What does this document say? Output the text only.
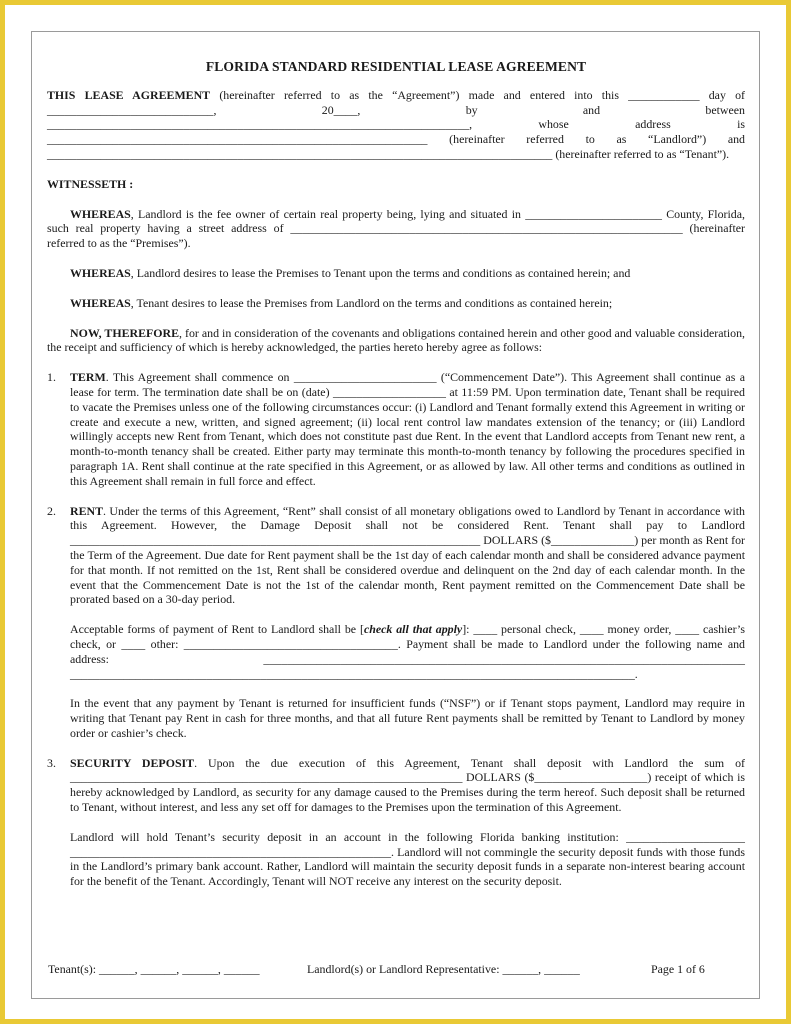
FLORIDA STANDARD RESIDENTIAL LEASE AGREEMENT

THIS LEASE AGREEMENT (hereinafter referred to as the “Agreement”) made and entered into this ____________ day of ____________________________, 20____, by and between _______________________________________________________________________, whose address is ________________________________________________________________ (hereinafter referred to as “Landlord”) and _____________________________________________________________________________________ (hereinafter referred to as “Tenant”).

WITNESSETH :

WHEREAS, Landlord is the fee owner of certain real property being, lying and situated in _______________________ County, Florida, such real property having a street address of __________________________________________________________________ (hereinafter referred to as the “Premises”).

WHEREAS, Landlord desires to lease the Premises to Tenant upon the terms and conditions as contained herein; and

WHEREAS, Tenant desires to lease the Premises from Landlord on the terms and conditions as contained herein;

NOW, THEREFORE, for and in consideration of the covenants and obligations contained herein and other good and valuable consideration, the receipt and sufficiency of which is hereby acknowledged, the parties hereto hereby agree as follows:

1. TERM. This Agreement shall commence on ________________________ (“Commencement Date”). This Agreement shall continue as a lease for term. The termination date shall be on (date) ___________________ at 11:59 PM. Upon termination date, Tenant shall be required to vacate the Premises unless one of the following circumstances occur: (i) Landlord and Tenant formally extend this Agreement in writing or create and execute a new, written, and signed agreement; (ii) local rent control law mandates extension of the tenancy; or (iii) Landlord willingly accepts new Rent from Tenant, which does not constitute past due Rent. In the event that Landlord accepts from Tenant new rent, a month-to-month tenancy shall be created. Either party may terminate this month-to-month tenancy by following the procedures specified in paragraph 1A. Rent shall continue at the rate specified in this Agreement, or as allowed by law. All other terms and conditions as outlined in this Agreement shall remain in full force and effect.

2. RENT. Under the terms of this Agreement, “Rent” shall consist of all monetary obligations owed to Landlord by Tenant in accordance with this Agreement. However, the Damage Deposit shall not be considered Rent. Tenant shall pay to Landlord _____________________________________________________________________ DOLLARS ($______________) per month as Rent for the Term of the Agreement. Due date for Rent payment shall be the 1st day of each calendar month and shall be considered advance payment for that month. If not remitted on the 1st, Rent shall be considered overdue and delinquent on the 2nd day of each calendar month. In the event that the Commencement Date is not the 1st of the calendar month, Rent payment remitted on the Commencement Date shall be prorated based on a 30-day period.

Acceptable forms of payment of Rent to Landlord shall be [check all that apply]: ____ personal check, ____ money order, ____ cashier’s check, or ____ other: ____________________________________. Payment shall be made to Landlord under the following name and address: _________________________________________________________________________________ _______________________________________________________________________________________________.

In the event that any payment by Tenant is returned for insufficient funds (“NSF”) or if Tenant stops payment, Landlord may require in writing that Tenant pay Rent in cash for three months, and that all future Rent payments shall be remitted by Tenant to Landlord by money order or cashier’s check.

3. SECURITY DEPOSIT. Upon the due execution of this Agreement, Tenant shall deposit with Landlord the sum of __________________________________________________________________ DOLLARS ($___________________) receipt of which is hereby acknowledged by Landlord, as security for any damage caused to the Premises during the term hereof. Such deposit shall be returned to Tenant, without interest, and less any set off for damages to the Premises upon the termination of this Agreement.

Landlord will hold Tenant’s security deposit in an account in the following Florida banking institution: ____________________ ______________________________________________________. Landlord will not commingle the security deposit funds with those funds in the Landlord’s primary bank account. Rather, Landlord will maintain the security deposit funds in a separate non-interest bearing account for the benefit of the Tenant. Accordingly, Tenant will NOT receive any interest on the security deposit.

Tenant(s): ______, ______, ______, ______	Landlord(s) or Landlord Representative: ______, ______	Page 1 of 6
